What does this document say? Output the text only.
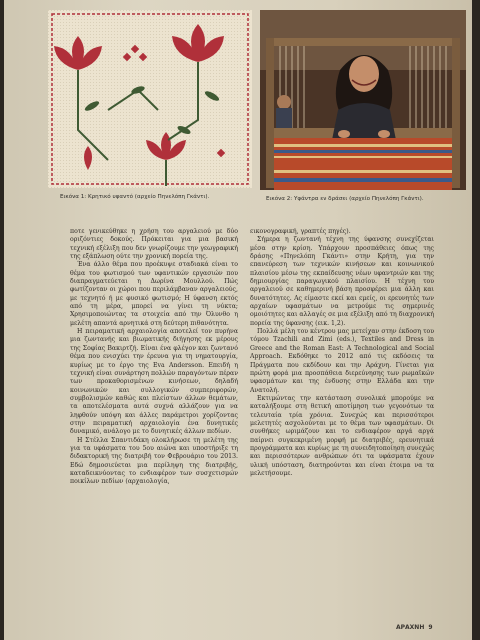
Εικόνα 1: Κρητικό υφαντό (αρχείο Πηνελόπη Γκάντι).	Εικόνα 2: Υφάντρα εν δράσει (αρχείο Πηνελόπη Γκάντι).

ποτε γενικεύθηκε η χρήση του αργαλειού με δύο οριζόντιες δοκούς. Πρόκειται για μια βασική τεχνική εξέλιξη που δεν γνωρίζουμε την γεωγραφική της εξάπλωση ούτε την χρονική πορεία της.

Ένα άλλο θέμα που προέκυψε σταδιακά είναι το θέμα του φωτισμού των υφαντικών εργασιών που διαπραγματεύεται η Δωρίνα Μουλλού. Πώς φωτίζονταν οι χώροι που περιλάμβαναν αργαλειούς, με τεχνητό ή με φυσικό φωτισμό; Η ύφανση εκτός από τη μέρα, μπορεί να γίνει τη νύκτα; Χρησιμοποιώντας τα στοιχεία από την Όλυνθο η μελέτη απαντά αρνητικά στη δεύτερη πιθανότητα.

Η πειραματική αρχαιολογία αποτελεί τον πυρήνα μια ζωντανής και βιωματικής διήγησης εκ μέρους της Σοφίας Βακιρτζή. Είναι ένα φλέγον και ζωντανό θέμα που ενισχύει την έρευνα για τη νηματουργία, κυρίως με το έργο της Eva Andersson. Επειδή η τεχνική είναι συνάρτηση πολλών παραγόντων πέραν των προκαθορισμένων κινήσεων, δηλαδή κοινωνικών και συλλογικών συμπεριφορών, συμβολισμών καθώς και πλείστων άλλων θεμάτων, τα αποτελέσματα αυτά συχνά αλλάζουν για να ληφθούν υπόψη και άλλες παράμετροι χορίζοντας στην πειραματική αρχαιολογία ένα δυνητικές δυναμικό, ανάλογο με το δυνητικές άλλων πεδίων.

Η Στέλλα Σπαντιδάκη ολοκλήρωσε τη μελέτη της για τα υφάσματα του 5ου αιώνα και υποστήριξε τη διδακτορική της διατριβή τον Φεβρουάριο του 2013. Εδώ δημοσιεύεται μια περίληψη της διατριβής, καταδεικνύοντας το ενδιαφέρον των συσχετισμών ποικίλων πεδίων (αρχαιολογία,

εικονογραφική, γραπτές πηγές).

Σήμερα η ζωντανή τέχνη της ύφανσης συνεχίζεται μέσα στην κρίση. Υπάρχουν προσπάθειες όπως της δράσης «Πηνελόπη Γκάντι» στην Κρήτη, για την επανεύρεση των τεχνικών κινήσεων και κοινωνικού πλαισίου μέσω της εκπαίδευσης νέων υφαντριών και της δημιουργίας παραγωγικού πλαισίου. Η τέχνη του αργαλειού σε καθημερινή βάση προσφέρει μια άλλη και δυνατότητες. Ας είμαστε εκεί και εμείς, οι ερευνητές των αρχαίων υφασμάτων να μετρούμε τις σημερινές ομοιότητες και αλλαγές σε μια εξέλιξη από τη διαχρονική πορεία της ύφανσης (εικ. 1,2).

Πολλά μέλη του κέντρου μας μετείχαν στην έκδοση του τόμου Tzachili and Zimi (eds.), Textiles and Dress in Greece and the Roman East: A Technological and Social Approach. Εκδόθηκε το 2012 από τις εκδόσεις τα Πράγματα που εκδίδουν και την Αράχνη. Γίνεται για πρώτη φορά μια προσπάθεια διερεύνησης των ρωμαϊκών υφασμάτων και της ένδυσης στην Ελλάδα και την Ανατολή.

Εκτιμώντας την κατάσταση συνολικά μπορούμε να καταλήξουμε στη θετική αποτίμηση των γεγονότων τα τελευταία τρία χρόνια. Συνεχώς και περισσότεροι μελετητές ασχολούνται με το θέμα των υφασμάτων. Οι συνθήκες ωριμάζουν και το ενδιαφέρον αργά αργά παίρνει συγκεκριμένη μορφή με διατριβές, ερευνητικά προγράμματα και κυρίως με τη συνειδητοποίηση συνεχώς και περισσότερων ανθρώπων ότι τα υφάσματα έχουν υλική υπόσταση, διατηρούνται και είναι έτοιμα να τα μελετήσουμε.

ΑΡΑΧΝΗ 9
